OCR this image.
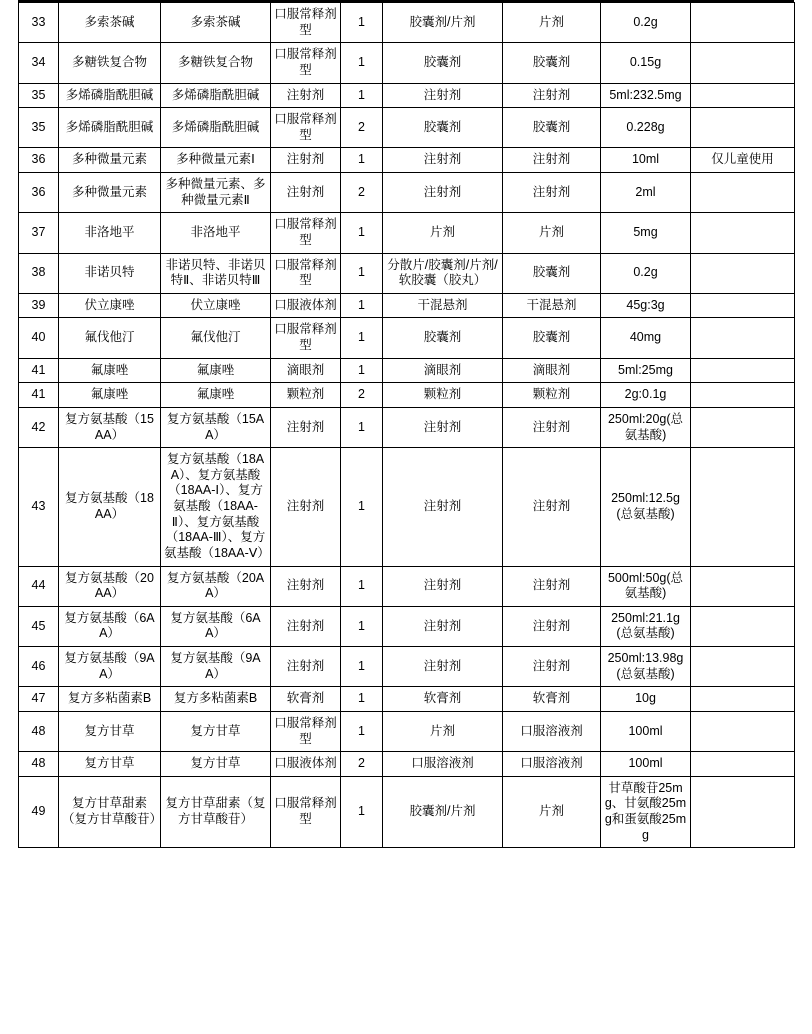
33	多索茶碱	多索茶碱	口服常释剂型	1	胶囊剂/片剂	片剂	0.2g	
34	多糖铁复合物	多糖铁复合物	口服常释剂型	1	胶囊剂	胶囊剂	0.15g	
35	多烯磷脂酰胆碱	多烯磷脂酰胆碱	注射剂	1	注射剂	注射剂	5ml:232.5mg	
35	多烯磷脂酰胆碱	多烯磷脂酰胆碱	口服常释剂型	2	胶囊剂	胶囊剂	0.228g	
36	多种微量元素	多种微量元素Ⅰ	注射剂	1	注射剂	注射剂	10ml	仅儿童使用
36	多种微量元素	多种微量元素、多种微量元素Ⅱ	注射剂	2	注射剂	注射剂	2ml	
37	非洛地平	非洛地平	口服常释剂型	1	片剂	片剂	5mg	
38	非诺贝特	非诺贝特、非诺贝特Ⅱ、非诺贝特Ⅲ	口服常释剂型	1	分散片/胶囊剂/片剂/软胶囊（胶丸）	胶囊剂	0.2g	
39	伏立康唑	伏立康唑	口服液体剂	1	干混悬剂	干混悬剂	45g:3g	
40	氟伐他汀	氟伐他汀	口服常释剂型	1	胶囊剂	胶囊剂	40mg	
41	氟康唑	氟康唑	滴眼剂	1	滴眼剂	滴眼剂	5ml:25mg	
41	氟康唑	氟康唑	颗粒剂	2	颗粒剂	颗粒剂	2g:0.1g	
42	复方氨基酸（15AA）	复方氨基酸（15AA）	注射剂	1	注射剂	注射剂	250ml:20g(总氨基酸)	
43	复方氨基酸（18AA）	复方氨基酸（18AA）、复方氨基酸（18AA-Ⅰ）、复方氨基酸（18AA-Ⅱ）、复方氨基酸（18AA-Ⅲ）、复方氨基酸（18AA-Ⅴ）	注射剂	1	注射剂	注射剂	250ml:12.5g(总氨基酸)	
44	复方氨基酸（20AA）	复方氨基酸（20AA）	注射剂	1	注射剂	注射剂	500ml:50g(总氨基酸)	
45	复方氨基酸（6AA）	复方氨基酸（6AA）	注射剂	1	注射剂	注射剂	250ml:21.1g(总氨基酸)	
46	复方氨基酸（9AA）	复方氨基酸（9AA）	注射剂	1	注射剂	注射剂	250ml:13.98g(总氨基酸)	
47	复方多粘菌素B	复方多粘菌素B	软膏剂	1	软膏剂	软膏剂	10g	
48	复方甘草	复方甘草	口服常释剂型	1	片剂	口服溶液剂	100ml	
48	复方甘草	复方甘草	口服液体剂	2	口服溶液剂	口服溶液剂	100ml	
49	复方甘草甜素（复方甘草酸苷）	复方甘草甜素（复方甘草酸苷）	口服常释剂型	1	胶囊剂/片剂	片剂	甘草酸苷25mg、甘氨酸25mg和蛋氨酸25mg	
